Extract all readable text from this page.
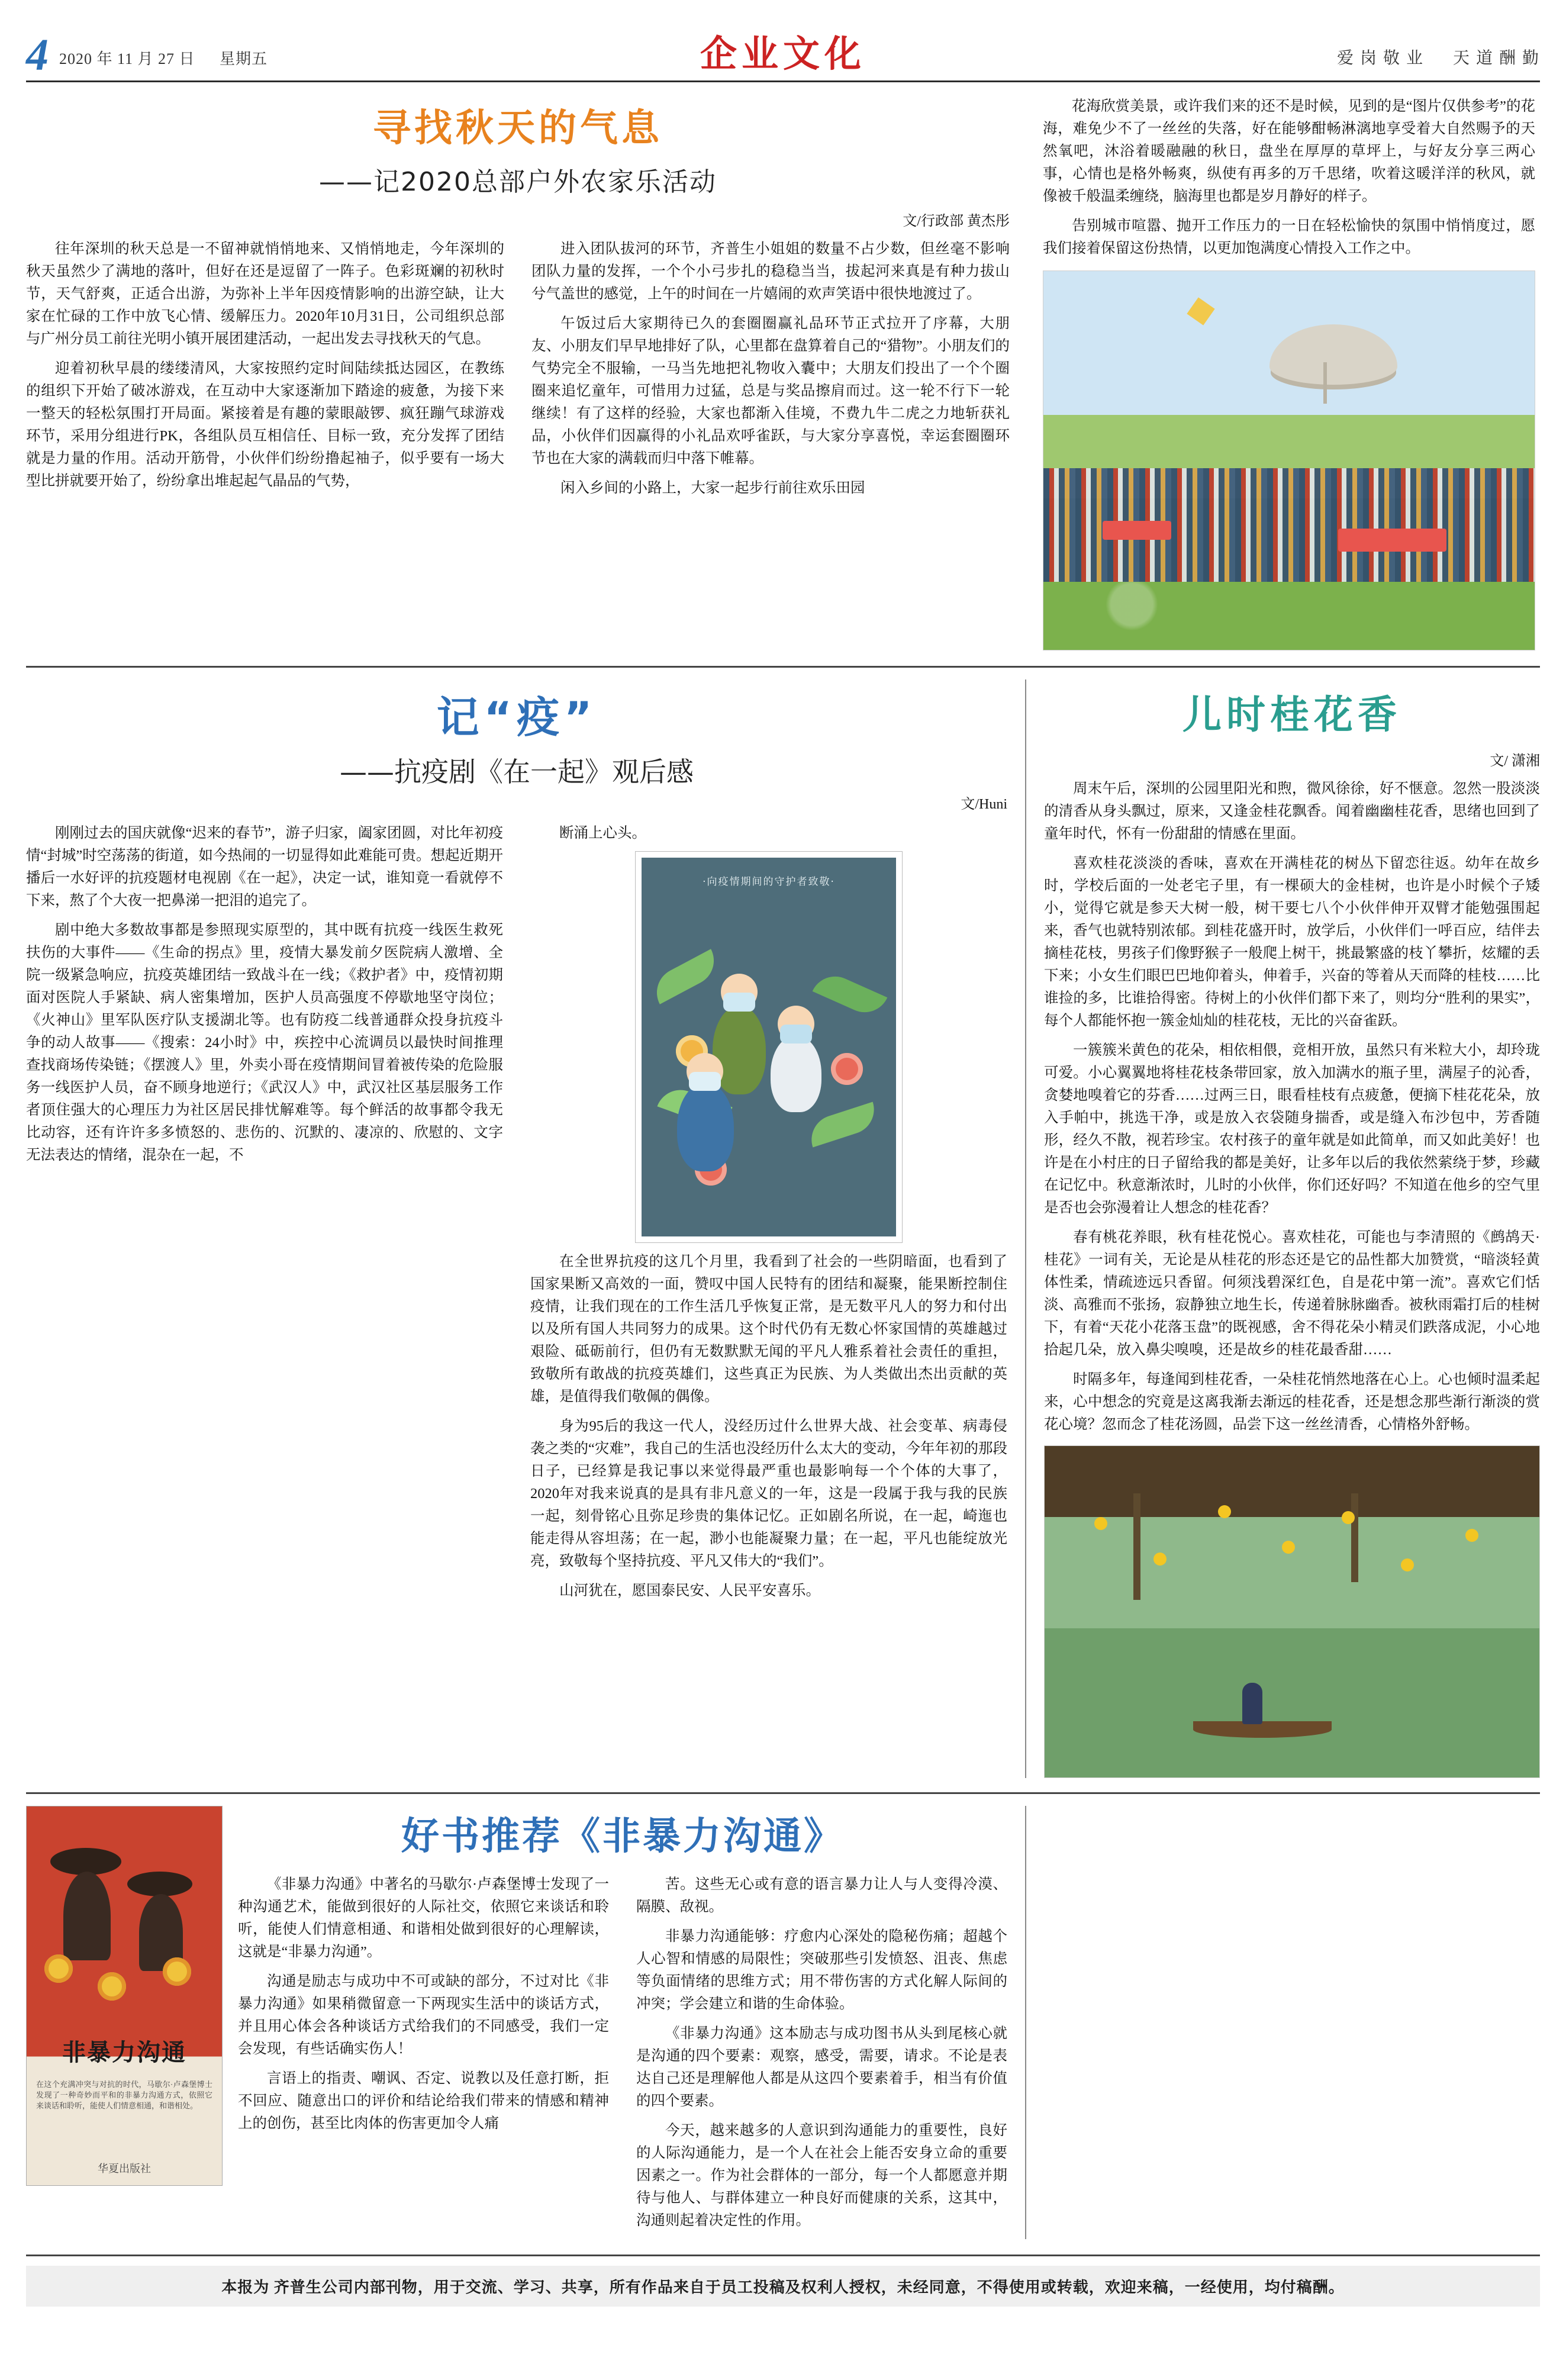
4 2020 年 11 月 27 日 星期五	企业文化	爱 岗 敬 业 天 道 酬 勤
寻找秋天的气息
——记2020总部户外农家乐活动
文/行政部 黄杰彤

往年深圳的秋天总是一不留神就悄悄地来、又悄悄地走，今年深圳的秋天虽然少了满地的落叶，但好在还是逗留了一阵子。色彩斑斓的初秋时节，天气舒爽，正适合出游，为弥补上半年因疫情影响的出游空缺，让大家在忙碌的工作中放飞心情、缓解压力。2020年10月31日，公司组织总部与广州分员工前往光明小镇开展团建活动，一起出发去寻找秋天的气息。

迎着初秋早晨的缕缕清风，大家按照约定时间陆续抵达园区，在教练的组织下开始了破冰游戏，在互动中大家逐渐加下踏途的疲惫，为接下来一整天的轻松氛围打开局面。紧接着是有趣的蒙眼敲锣、疯狂蹦气球游戏环节，采用分组进行PK，各组队员互相信任、目标一致，充分发挥了团结就是力量的作用。活动开筋骨，小伙伴们纷纷撸起袖子，似乎要有一场大型比拼就要开始了，纷纷拿出堆起起气晶品的气势，

进入团队拔河的环节，齐普生小姐姐的数量不占少数，但丝毫不影响团队力量的发挥，一个个小弓步扎的稳稳当当，拔起河来真是有种力拔山兮气盖世的感觉，上午的时间在一片嬉闹的欢声笑语中很快地渡过了。

午饭过后大家期待已久的套圈圈赢礼品环节正式拉开了序幕，大朋友、小朋友们早早地排好了队，心里都在盘算着自己的“猎物”。小朋友们的气势完全不服输，一马当先地把礼物收入囊中；大朋友们投出了一个个圈圈来追忆童年，可惜用力过猛，总是与奖品擦肩而过。这一轮不行下一轮继续！有了这样的经验，大家也都渐入佳境，不费九牛二虎之力地斩获礼品，小伙伴们因赢得的小礼品欢呼雀跃，与大家分享喜悦，幸运套圈圈环节也在大家的满载而归中落下帷幕。

闲入乡间的小路上，大家一起步行前往欢乐田园

花海欣赏美景，或许我们来的还不是时候，见到的是“图片仅供参考”的花海，难免少不了一丝丝的失落，好在能够酣畅淋漓地享受着大自然赐予的天然氧吧，沐浴着暖融融的秋日，盘坐在厚厚的草坪上，与好友分享三两心事，心情也是格外畅爽，纵使有再多的万千思绪，吹着这暖洋洋的秋风，就像被千般温柔缠绕，脑海里也都是岁月静好的样子。

告别城市喧嚣、抛开工作压力的一日在轻松愉快的氛围中悄悄度过，愿我们接着保留这份热情，以更加饱满度心情投入工作之中。

记“疫”
——抗疫剧《在一起》观后感
文/Huni

刚刚过去的国庆就像“迟来的春节”，游子归家，阖家团圆，对比年初疫情“封城”时空荡荡的街道，如今热闹的一切显得如此难能可贵。想起近期开播后一水好评的抗疫题材电视剧《在一起》，决定一试，谁知竟一看就停不下来，熬了个大夜一把鼻涕一把泪的追完了。

剧中绝大多数故事都是参照现实原型的，其中既有抗疫一线医生救死扶伤的大事件——《生命的拐点》里，疫情大暴发前夕医院病人激增、全院一级紧急响应，抗疫英雄团结一致战斗在一线；《救护者》中，疫情初期面对医院人手紧缺、病人密集增加，医护人员高强度不停歇地坚守岗位；《火神山》里军队医疗队支援湖北等。也有防疫二线普通群众投身抗疫斗争的动人故事——《搜索：24小时》中，疾控中心流调员以最快时间推理查找商场传染链；《摆渡人》里，外卖小哥在疫情期间冒着被传染的危险服务一线医护人员，奋不顾身地逆行；《武汉人》中，武汉社区基层服务工作者顶住强大的心理压力为社区居民排忧解难等。每个鲜活的故事都令我无比动容，还有许许多多愤怒的、悲伤的、沉默的、凄凉的、欣慰的、文字无法表达的情绪，混杂在一起，不

断涌上心头。

·向疫情期间的守护者致敬·

在全世界抗疫的这几个月里，我看到了社会的一些阴暗面，也看到了国家果断又高效的一面，赞叹中国人民特有的团结和凝聚，能果断控制住疫情，让我们现在的工作生活几乎恢复正常，是无数平凡人的努力和付出以及所有国人共同努力的成果。这个时代仍有无数心怀家国情的英雄越过艰险、砥砺前行，但仍有无数默默无闻的平凡人雅系着社会责任的重担，致敬所有敢战的抗疫英雄们，这些真正为民族、为人类做出杰出贡献的英雄，是值得我们敬佩的偶像。

身为95后的我这一代人，没经历过什么世界大战、社会变革、病毒侵袭之类的“灾难”，我自己的生活也没经历什么太大的变动，今年年初的那段日子，已经算是我记事以来觉得最严重也最影响每一个个体的大事了，2020年对我来说真的是具有非凡意义的一年，这是一段属于我与我的民族一起，刻骨铭心且弥足珍贵的集体记忆。正如剧名所说，在一起，崎迤也能走得从容坦荡；在一起，渺小也能凝聚力量；在一起，平凡也能绽放光亮，致敬每个坚持抗疫、平凡又伟大的“我们”。

山河犹在，愿国泰民安、人民平安喜乐。

儿时桂花香
文/ 潇湘

周末午后，深圳的公园里阳光和煦，微风徐徐，好不惬意。忽然一股淡淡的清香从身头飘过，原来，又逢金桂花飘香。闻着幽幽桂花香，思绪也回到了童年时代，怀有一份甜甜的情感在里面。

喜欢桂花淡淡的香味，喜欢在开满桂花的树丛下留恋往返。幼年在故乡时，学校后面的一处老宅子里，有一棵硕大的金桂树，也许是小时候个子矮小，觉得它就是参天大树一般，树干要七八个小伙伴伸开双臂才能勉强围起来，香气也就特别浓郁。到桂花盛开时，放学后，小伙伴们一呼百应，结伴去摘桂花枝，男孩子们像野猴子一般爬上树干，挑最繁盛的枝丫攀折，炫耀的丢下来；小女生们眼巴巴地仰着头，伸着手，兴奋的等着从天而降的桂枝……比谁捡的多，比谁拾得密。待树上的小伙伴们都下来了，则均分“胜利的果实”，每个人都能怀抱一簇金灿灿的桂花枝，无比的兴奋雀跃。

一簇簇米黄色的花朵，相依相偎，竞相开放，虽然只有米粒大小，却玲珑可爱。小心翼翼地将桂花枝条带回家，放入加满水的瓶子里，满屋子的沁香，贪婪地嗅着它的芬香……过两三日，眼看桂枝有点疲惫，便摘下桂花花朵，放入手帕中，挑选干净，或是放入衣袋随身揣香，或是缝入布沙包中，芳香随形，经久不散，视若珍宝。农村孩子的童年就是如此简单，而又如此美好！也许是在小村庄的日子留给我的都是美好，让多年以后的我依然萦绕于梦，珍藏在记忆中。秋意渐浓时，儿时的小伙伴，你们还好吗？不知道在他乡的空气里是否也会弥漫着让人想念的桂花香？

春有桃花养眼，秋有桂花悦心。喜欢桂花，可能也与李清照的《鹧鸪天·桂花》一词有关，无论是从桂花的形态还是它的品性都大加赞赏，“暗淡轻黄体性柔，情疏迹远只香留。何须浅碧深红色，自是花中第一流”。喜欢它们恬淡、高雅而不张扬，寂静独立地生长，传递着脉脉幽香。被秋雨霜打后的桂树下，有着“天花小花落玉盘”的既视感，舍不得花朵小精灵们跌落成泥，小心地拾起几朵，放入鼻尖嗅嗅，还是故乡的桂花最香甜……

时隔多年，每逢闻到桂花香，一朵桂花悄然地落在心上。心也倾时温柔起来，心中想念的究竟是这离我渐去渐远的桂花香，还是想念那些渐行渐淡的赏花心境？忽而念了桂花汤圆，品尝下这一丝丝清香，心情格外舒畅。

非暴力沟通
在这个充满冲突与对抗的时代，马歇尔·卢森堡博士发现了一种奇妙而平和的非暴力沟通方式，依照它来谈话和聆听，能使人们情意相通，和谐相处。
华夏出版社
好书推荐《非暴力沟通》

《非暴力沟通》中著名的马歇尔·卢森堡博士发现了一种沟通艺术，能做到很好的人际社交，依照它来谈话和聆听，能使人们情意相通、和谐相处做到很好的心理解读，这就是“非暴力沟通”。

沟通是励志与成功中不可或缺的部分，不过对比《非暴力沟通》如果稍微留意一下两现实生活中的谈话方式，并且用心体会各种谈话方式给我们的不同感受，我们一定会发现，有些话确实伤人！

言语上的指责、嘲讽、否定、说教以及任意打断，拒不回应、随意出口的评价和结论给我们带来的情感和精神上的创伤，甚至比肉体的伤害更加令人痛

苦。这些无心或有意的语言暴力让人与人变得冷漠、隔膜、敌视。

非暴力沟通能够：疗愈内心深处的隐秘伤痛；超越个人心智和情感的局限性；突破那些引发愤怒、沮丧、焦虑等负面情绪的思维方式；用不带伤害的方式化解人际间的冲突；学会建立和谐的生命体验。

《非暴力沟通》这本励志与成功图书从头到尾核心就是沟通的四个要素：观察，感受，需要，请求。不论是表达自己还是理解他人都是从这四个要素着手，相当有价值的四个要素。

今天，越来越多的人意识到沟通能力的重要性，良好的人际沟通能力，是一个人在社会上能否安身立命的重要因素之一。作为社会群体的一部分，每一个人都愿意并期待与他人、与群体建立一种良好而健康的关系，这其中，沟通则起着决定性的作用。

本报为 齐普生公司内部刊物，用于交流、学习、共享，所有作品来自于员工投稿及权利人授权，未经同意，不得使用或转载，欢迎来稿，一经使用，均付稿酬。
